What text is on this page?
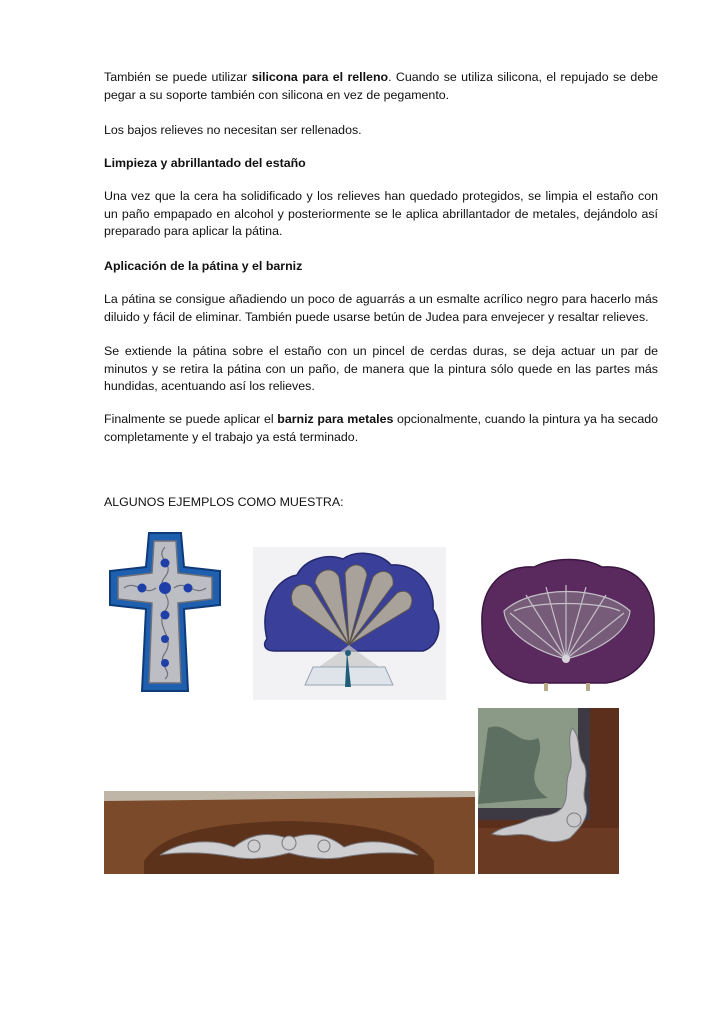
También se puede utilizar silicona para el relleno. Cuando se utiliza silicona, el repujado se debe pegar a su soporte también con silicona en vez de pegamento.

Los bajos relieves no necesitan ser rellenados.

Limpieza y abrillantado del estaño

Una vez que la cera ha solidificado y los relieves han quedado protegidos, se limpia el estaño con un paño empapado en alcohol y posteriormente se le aplica abrillantador de metales, dejándolo así preparado para aplicar la pátina.

Aplicación de la pátina y el barniz

La pátina se consigue añadiendo un poco de aguarrás a un esmalte acrílico negro para hacerlo más diluido y fácil de eliminar. También puede usarse betún de Judea para envejecer y resaltar relieves.

Se extiende la pátina sobre el estaño con un pincel de cerdas duras, se deja actuar un par de minutos y se retira la pátina con un paño, de manera que la pintura sólo quede en las partes más hundidas, acentuando así los relieves.

Finalmente se puede aplicar el barniz para metales opcionalmente, cuando la pintura ya ha secado completamente y el trabajo ya está terminado.

ALGUNOS EJEMPLOS COMO MUESTRA:
